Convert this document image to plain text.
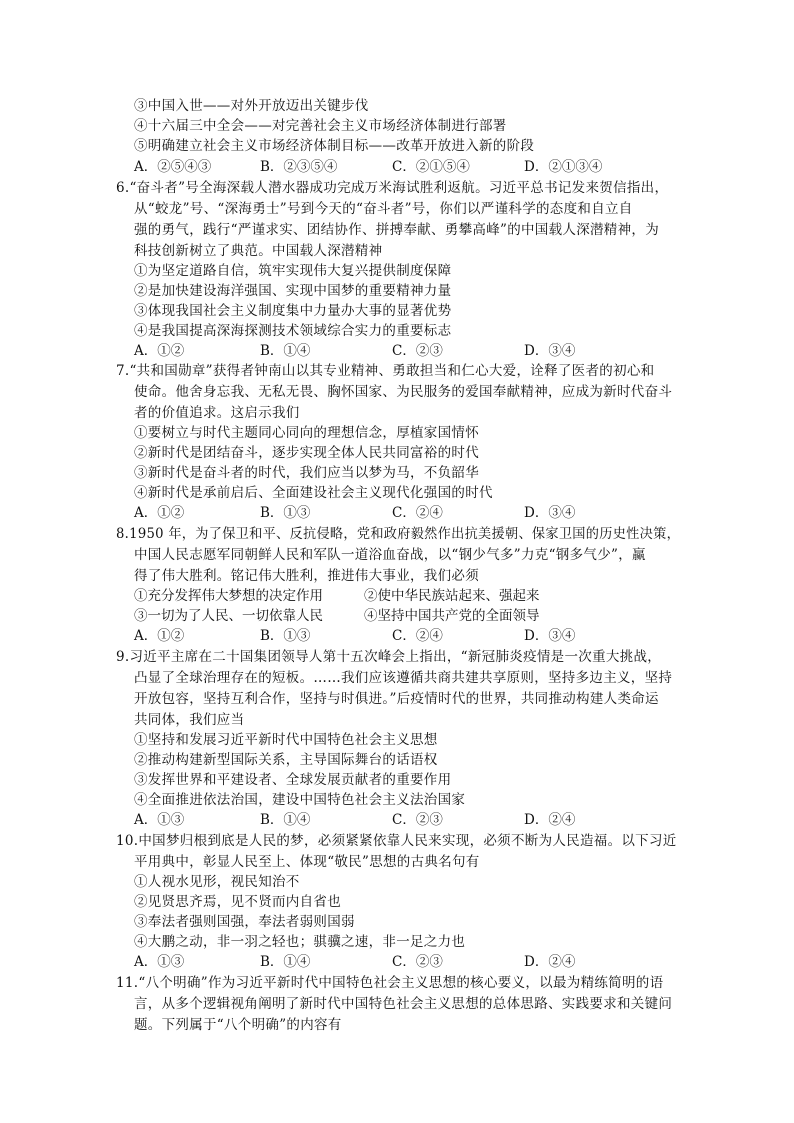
③中国入世——对外开放迈出关键步伐
④十六届三中全会——对完善社会主义市场经济体制进行部署
⑤明确建立社会主义市场经济体制目标——改革开放进入新的阶段
A．②⑤④③	B．②③⑤④	C．②①⑤④	D．②①③④
6.“奋斗者”号全海深载人潜水器成功完成万米海试胜利返航。习近平总书记发来贺信指出，
从“蛟龙”号、“深海勇士”号到今天的“奋斗者”号，你们以严谨科学的态度和自立自
强的勇气，践行“严谨求实、团结协作、拼搏奉献、勇攀高峰”的中国载人深潜精神，为
科技创新树立了典范。中国载人深潜精神
①为坚定道路自信，筑牢实现伟大复兴提供制度保障
②是加快建设海洋强国、实现中国梦的重要精神力量
③体现我国社会主义制度集中力量办大事的显著优势
④是我国提高深海探测技术领域综合实力的重要标志
A．①②	B．①④	C．②③	D．③④
7.“共和国勋章”获得者钟南山以其专业精神、勇敢担当和仁心大爱，诠释了医者的初心和
使命。他舍身忘我、无私无畏、胸怀国家、为民服务的爱国奉献精神，应成为新时代奋斗
者的价值追求。这启示我们
①要树立与时代主题同心同向的理想信念，厚植家国情怀
②新时代是团结奋斗，逐步实现全体人民共同富裕的时代
③新时代是奋斗者的时代，我们应当以梦为马，不负韶华
④新时代是承前启后、全面建设社会主义现代化强国的时代
A．①②	B．①③	C．②④	D．③④
8.1950 年，为了保卫和平、反抗侵略，党和政府毅然作出抗美援朝、保家卫国的历史性决策，
中国人民志愿军同朝鲜人民和军队一道浴血奋战，以“钢少气多”力克“钢多气少”，赢
得了伟大胜利。铭记伟大胜利，推进伟大事业，我们必须
①充分发挥伟大梦想的决定作用	②使中华民族站起来、强起来
③一切为了人民、一切依靠人民	④坚持中国共产党的全面领导
A．①②	B．①③	C．②④	D．③④
9.习近平主席在二十国集团领导人第十五次峰会上指出，“新冠肺炎疫情是一次重大挑战，
凸显了全球治理存在的短板。……我们应该遵循共商共建共享原则，坚持多边主义，坚持
开放包容，坚持互利合作，坚持与时俱进。”后疫情时代的世界，共同推动构建人类命运
共同体，我们应当
①坚持和发展习近平新时代中国特色社会主义思想
②推动构建新型国际关系，主导国际舞台的话语权
③发挥世界和平建设者、全球发展贡献者的重要作用
④全面推进依法治国，建设中国特色社会主义法治国家
A．①③	B．①④	C．②③	D．②④
10.中国梦归根到底是人民的梦，必须紧紧依靠人民来实现，必须不断为人民造福。以下习近
平用典中，彰显人民至上、体现“敬民”思想的古典名句有
①人视水见形，视民知治不
②见贤思齐焉，见不贤而内自省也
③奉法者强则国强，奉法者弱则国弱
④大鹏之动，非一羽之轻也；骐骥之速，非一足之力也
A．①③	B．①④	C．②③	D．②④
11.“八个明确”作为习近平新时代中国特色社会主义思想的核心要义，以最为精练简明的语
言，从多个逻辑视角阐明了新时代中国特色社会主义思想的总体思路、实践要求和关键问
题。下列属于“八个明确”的内容有
